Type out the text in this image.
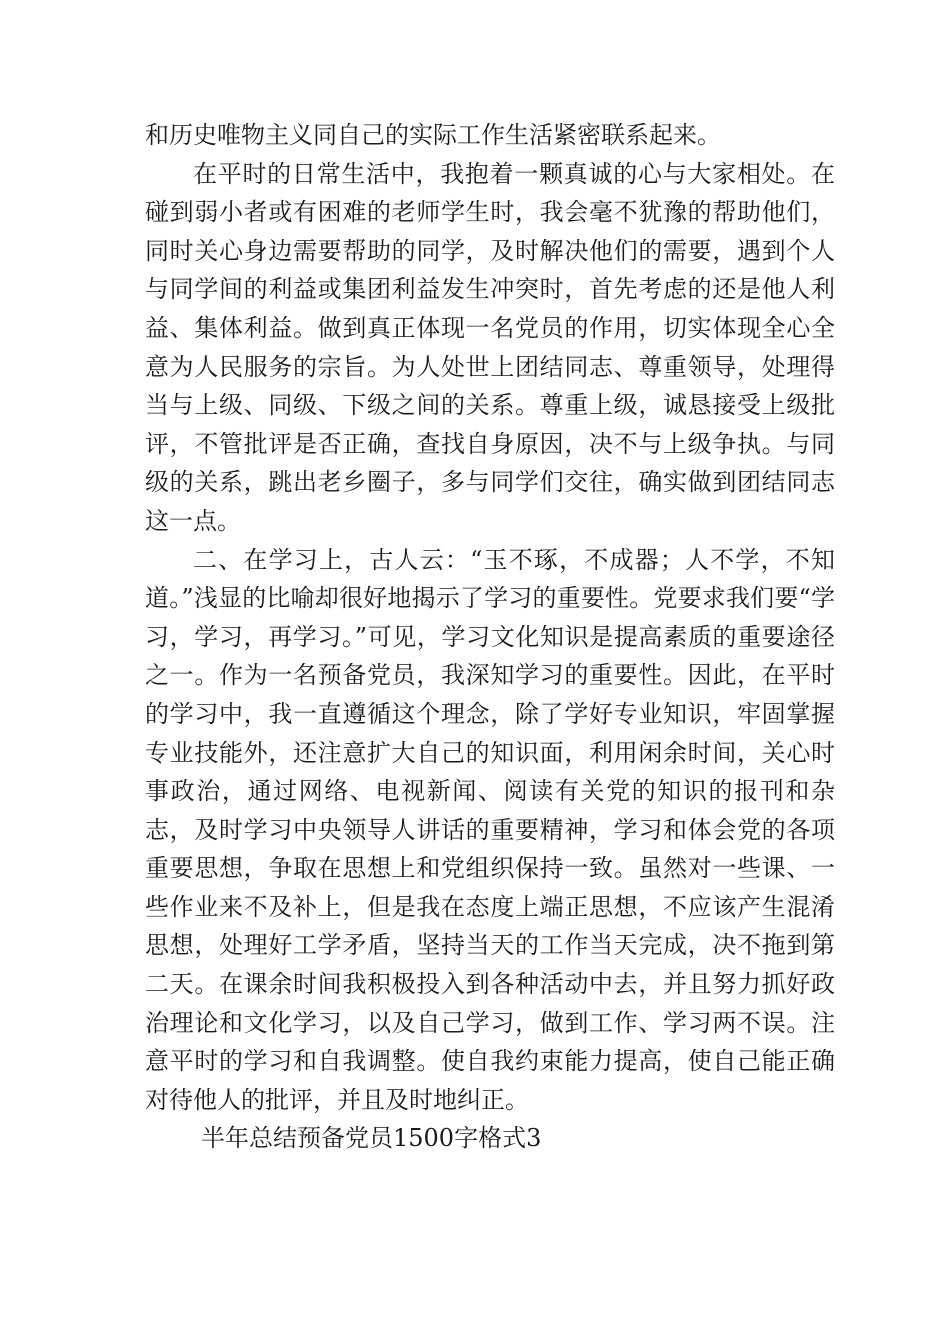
和历史唯物主义同自己的实际工作生活紧密联系起来。

在平时的日常生活中，我抱着一颗真诚的心与大家相处。在碰到弱小者或有困难的老师学生时，我会毫不犹豫的帮助他们，同时关心身边需要帮助的同学，及时解决他们的需要，遇到个人与同学间的利益或集团利益发生冲突时，首先考虑的还是他人利益、集体利益。做到真正体现一名党员的作用，切实体现全心全意为人民服务的宗旨。为人处世上团结同志、尊重领导，处理得当与上级、同级、下级之间的关系。尊重上级，诚恳接受上级批评，不管批评是否正确，查找自身原因，决不与上级争执。与同级的关系，跳出老乡圈子，多与同学们交往，确实做到团结同志这一点。

二、在学习上，古人云：“玉不琢，不成器；人不学，不知道。”浅显的比喻却很好地揭示了学习的重要性。党要求我们要“学习，学习，再学习。”可见，学习文化知识是提高素质的重要途径之一。作为一名预备党员，我深知学习的重要性。因此，在平时的学习中，我一直遵循这个理念，除了学好专业知识，牢固掌握专业技能外，还注意扩大自己的知识面，利用闲余时间，关心时事政治，通过网络、电视新闻、阅读有关党的知识的报刊和杂志，及时学习中央领导人讲话的重要精神，学习和体会党的各项重要思想，争取在思想上和党组织保持一致。虽然对一些课、一些作业来不及补上，但是我在态度上端正思想，不应该产生混淆思想，处理好工学矛盾，坚持当天的工作当天完成，决不拖到第二天。在课余时间我积极投入到各种活动中去，并且努力抓好政治理论和文化学习，以及自己学习，做到工作、学习两不误。注意平时的学习和自我调整。使自我约束能力提高，使自己能正确对待他人的批评，并且及时地纠正。

半年总结预备党员1500字格式3
